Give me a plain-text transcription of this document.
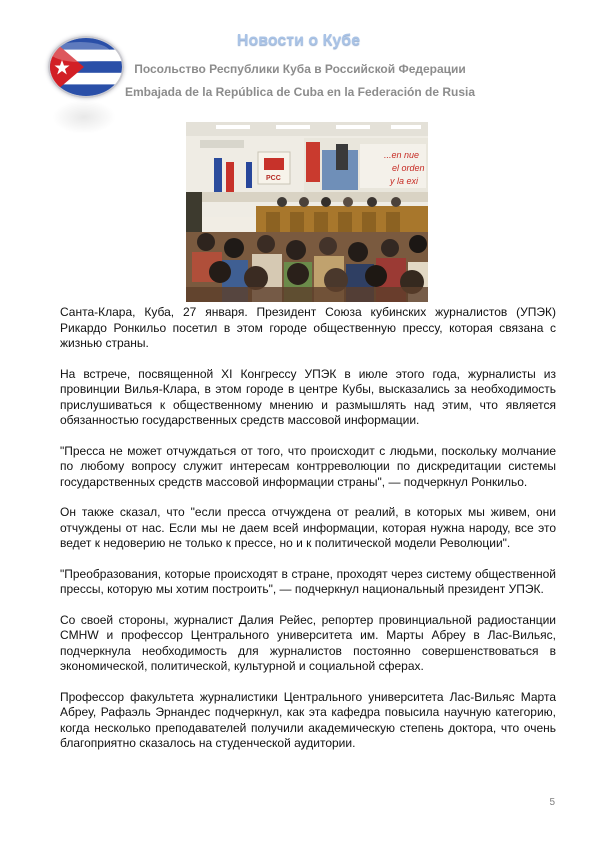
Новости о Кубе
Посольство Республики Куба в Российской Федерации
Embajada de la República de Cuba en la Federación de Rusia
...en nue
el orden
y la exi
PCC

Санта-Клара, Куба, 27 января. Президент Союза кубинских журналистов (УПЭК) Рикардо Ронкильо посетил в этом городе общественную прессу, которая связана с жизнью страны.

На встрече, посвященной XI Конгрессу УПЭК в июле этого года, журналисты из провинции Вилья-Клара, в этом городе в центре Кубы, высказались за необходимость прислушиваться к общественному мнению и размышлять над этим, что является обязанностью государственных средств массовой информации.

"Пресса не может отчуждаться от того, что происходит с людьми, поскольку молчание по любому вопросу служит интересам контрреволюции по дискредитации системы государственных средств массовой информации страны", — подчеркнул Ронкильо.

Он также сказал, что "если пресса отчуждена от реалий, в которых мы живем, они отчуждены от нас. Если мы не даем всей информации, которая нужна народу, все это ведет к недоверию не только к прессе, но и к политической модели Революции".

"Преобразования, которые происходят в стране, проходят через систему общественной прессы, которую мы хотим построить", — подчеркнул национальный президент УПЭК.

Со своей стороны, журналист Далия Рейес, репортер провинциальной радиостанции CMHW и профессор Центрального университета им. Марты Абреу в Лас-Вильяс, подчеркнула необходимость для журналистов постоянно совершенствоваться в экономической, политической, культурной и социальной сферах.

Профессор факультета журналистики Центрального университета Лас-Вильяс Марта Абреу, Рафаэль Эрнандес подчеркнул, как эта кафедра повысила научную категорию, когда несколько преподавателей получили академическую степень доктора, что очень благоприятно сказалось на студенческой аудитории.

5
